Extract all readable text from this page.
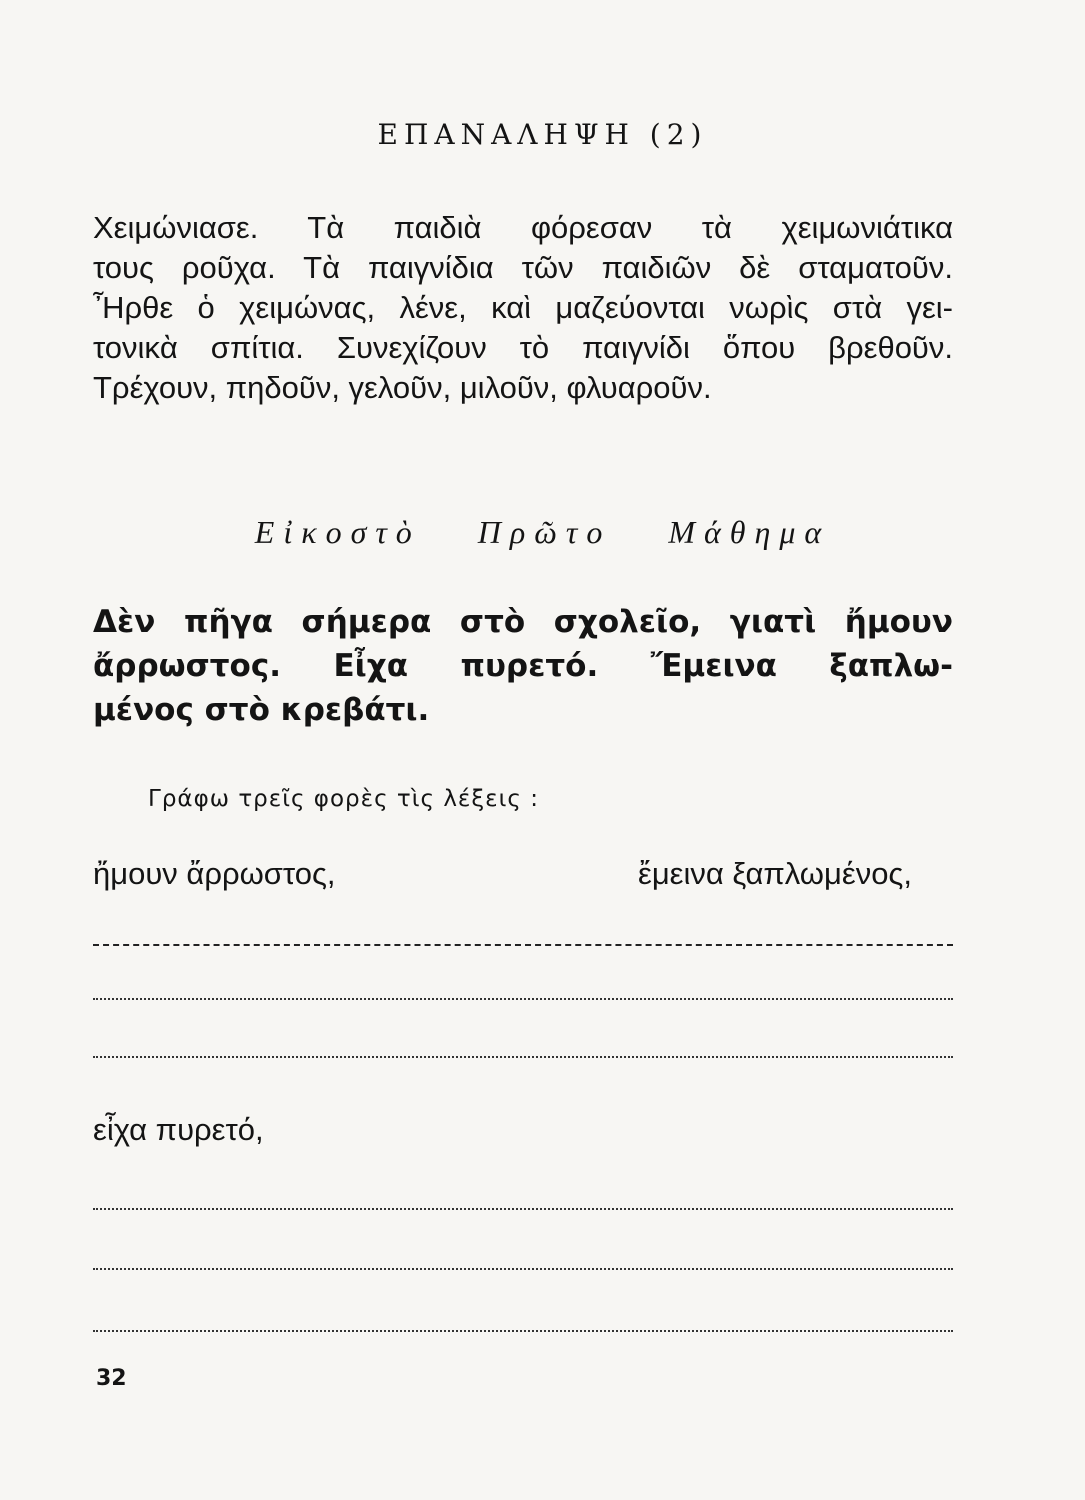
ΕΠΑΝΑΛΗΨΗ (2)
Χειμώνιασε. Τὰ παιδιὰ φόρεσαν τὰ χειμωνιάτικα
τους ροῦχα. Τὰ παιγνίδια τῶν παιδιῶν δὲ σταματοῦν.
Ἦρθε ὁ χειμώνας, λένε, καὶ μαζεύονται νωρὶς στὰ γει-
τονικὰ σπίτια. Συνεχίζουν τὸ παιγνίδι ὅπου βρεθοῦν.
Τρέχουν, πηδοῦν, γελοῦν, μιλοῦν, φλυαροῦν.
Εἰκοστὸ Πρῶτο Μάθημα
Δὲν πῆγα σήμερα στὸ σχολεῖο, γιατὶ ἤμουν
ἄρρωστος. Εἶχα πυρετό. Ἔμεινα ξαπλω-
μένος στὸ κρεβάτι.
Γράφω τρεῖς φορὲς τὶς λέξεις :
ἤμουν ἄρρωστος,	ἔμεινα ξαπλωμένος,
εἶχα πυρετό,
32
